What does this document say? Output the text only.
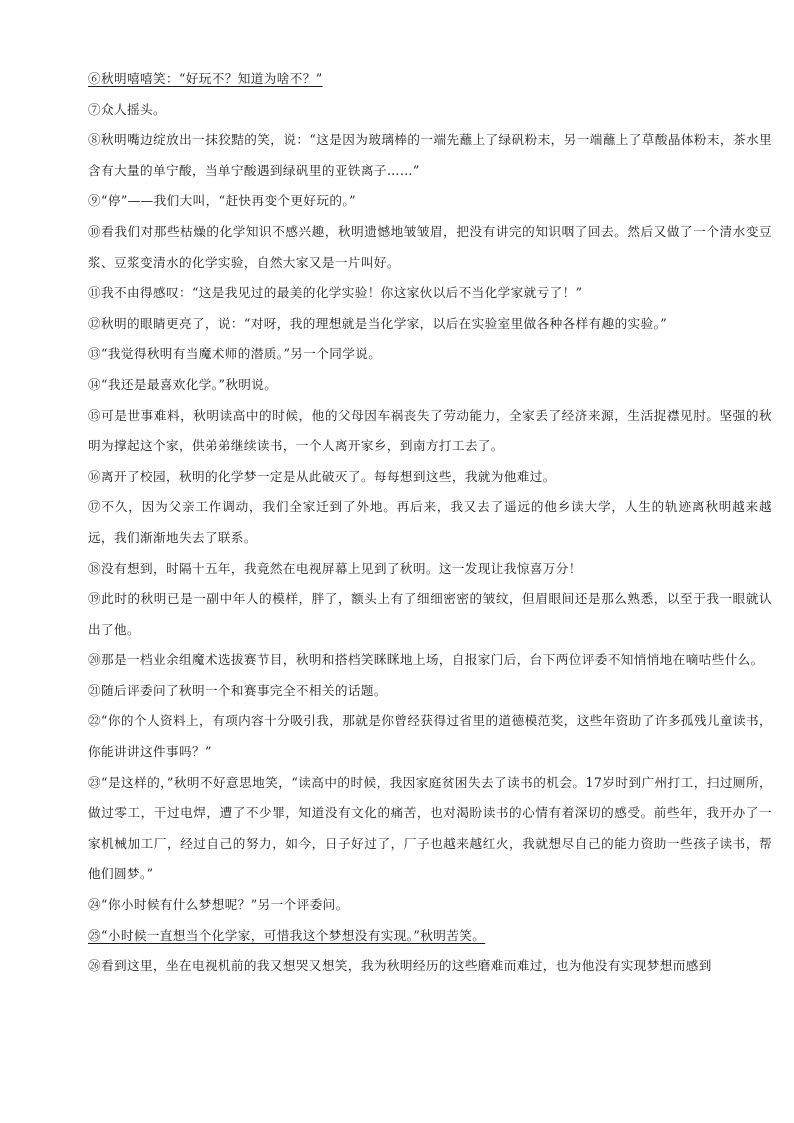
⑥秋明嘻嘻笑：“好玩不？知道为啥不？”

⑦众人摇头。

⑧秋明嘴边绽放出一抹狡黠的笑，说：“这是因为玻璃棒的一端先蘸上了绿矾粉末，另一端蘸上了草酸晶体粉末，茶水里含有大量的单宁酸，当单宁酸遇到绿矾里的亚铁离子……”

⑨“停”——我们大叫，“赶快再变个更好玩的。”

⑩看我们对那些枯燥的化学知识不感兴趣，秋明遗憾地皱皱眉，把没有讲完的知识咽了回去。然后又做了一个清水变豆浆、豆浆变清水的化学实验，自然大家又是一片叫好。

⑪我不由得感叹：“这是我见过的最美的化学实验！你这家伙以后不当化学家就亏了！”

⑫秋明的眼睛更亮了，说：“对呀，我的理想就是当化学家，以后在实验室里做各种各样有趣的实验。”

⑬“我觉得秋明有当魔术师的潜质。”另一个同学说。

⑭“我还是最喜欢化学。”秋明说。

⑮可是世事难料，秋明读高中的时候，他的父母因车祸丧失了劳动能力，全家丢了经济来源，生活捉襟见肘。坚强的秋明为撑起这个家，供弟弟继续读书，一个人离开家乡，到南方打工去了。

⑯离开了校园，秋明的化学梦一定是从此破灭了。每每想到这些，我就为他难过。

⑰不久，因为父亲工作调动，我们全家迁到了外地。再后来，我又去了遥远的他乡读大学，人生的轨迹离秋明越来越远，我们渐渐地失去了联系。

⑱没有想到，时隔十五年，我竟然在电视屏幕上见到了秋明。这一发现让我惊喜万分！

⑲此时的秋明已是一副中年人的模样，胖了，额头上有了细细密密的皱纹，但眉眼间还是那么熟悉，以至于我一眼就认出了他。

⑳那是一档业余组魔术选拔赛节目，秋明和搭档笑眯眯地上场，自报家门后，台下两位评委不知悄悄地在嘀咕些什么。

㉑随后评委问了秋明一个和赛事完全不相关的话题。

㉒“你的个人资料上，有项内容十分吸引我，那就是你曾经获得过省里的道德模范奖，这些年资助了许多孤残儿童读书，你能讲讲这件事吗？”

㉓“是这样的，”秋明不好意思地笑，“读高中的时候，我因家庭贫困失去了读书的机会。17岁时到广州打工，扫过厕所，做过零工，干过电焊，遭了不少罪，知道没有文化的痛苦，也对渴盼读书的心情有着深切的感受。前些年，我开办了一家机械加工厂，经过自己的努力，如今，日子好过了，厂子也越来越红火，我就想尽自己的能力资助一些孩子读书，帮他们圆梦。”

㉔“你小时候有什么梦想呢？”另一个评委问。

㉕“小时候一直想当个化学家，可惜我这个梦想没有实现。”秋明苦笑。

㉖看到这里，坐在电视机前的我又想哭又想笑，我为秋明经历的这些磨难而难过，也为他没有实现梦想而感到
